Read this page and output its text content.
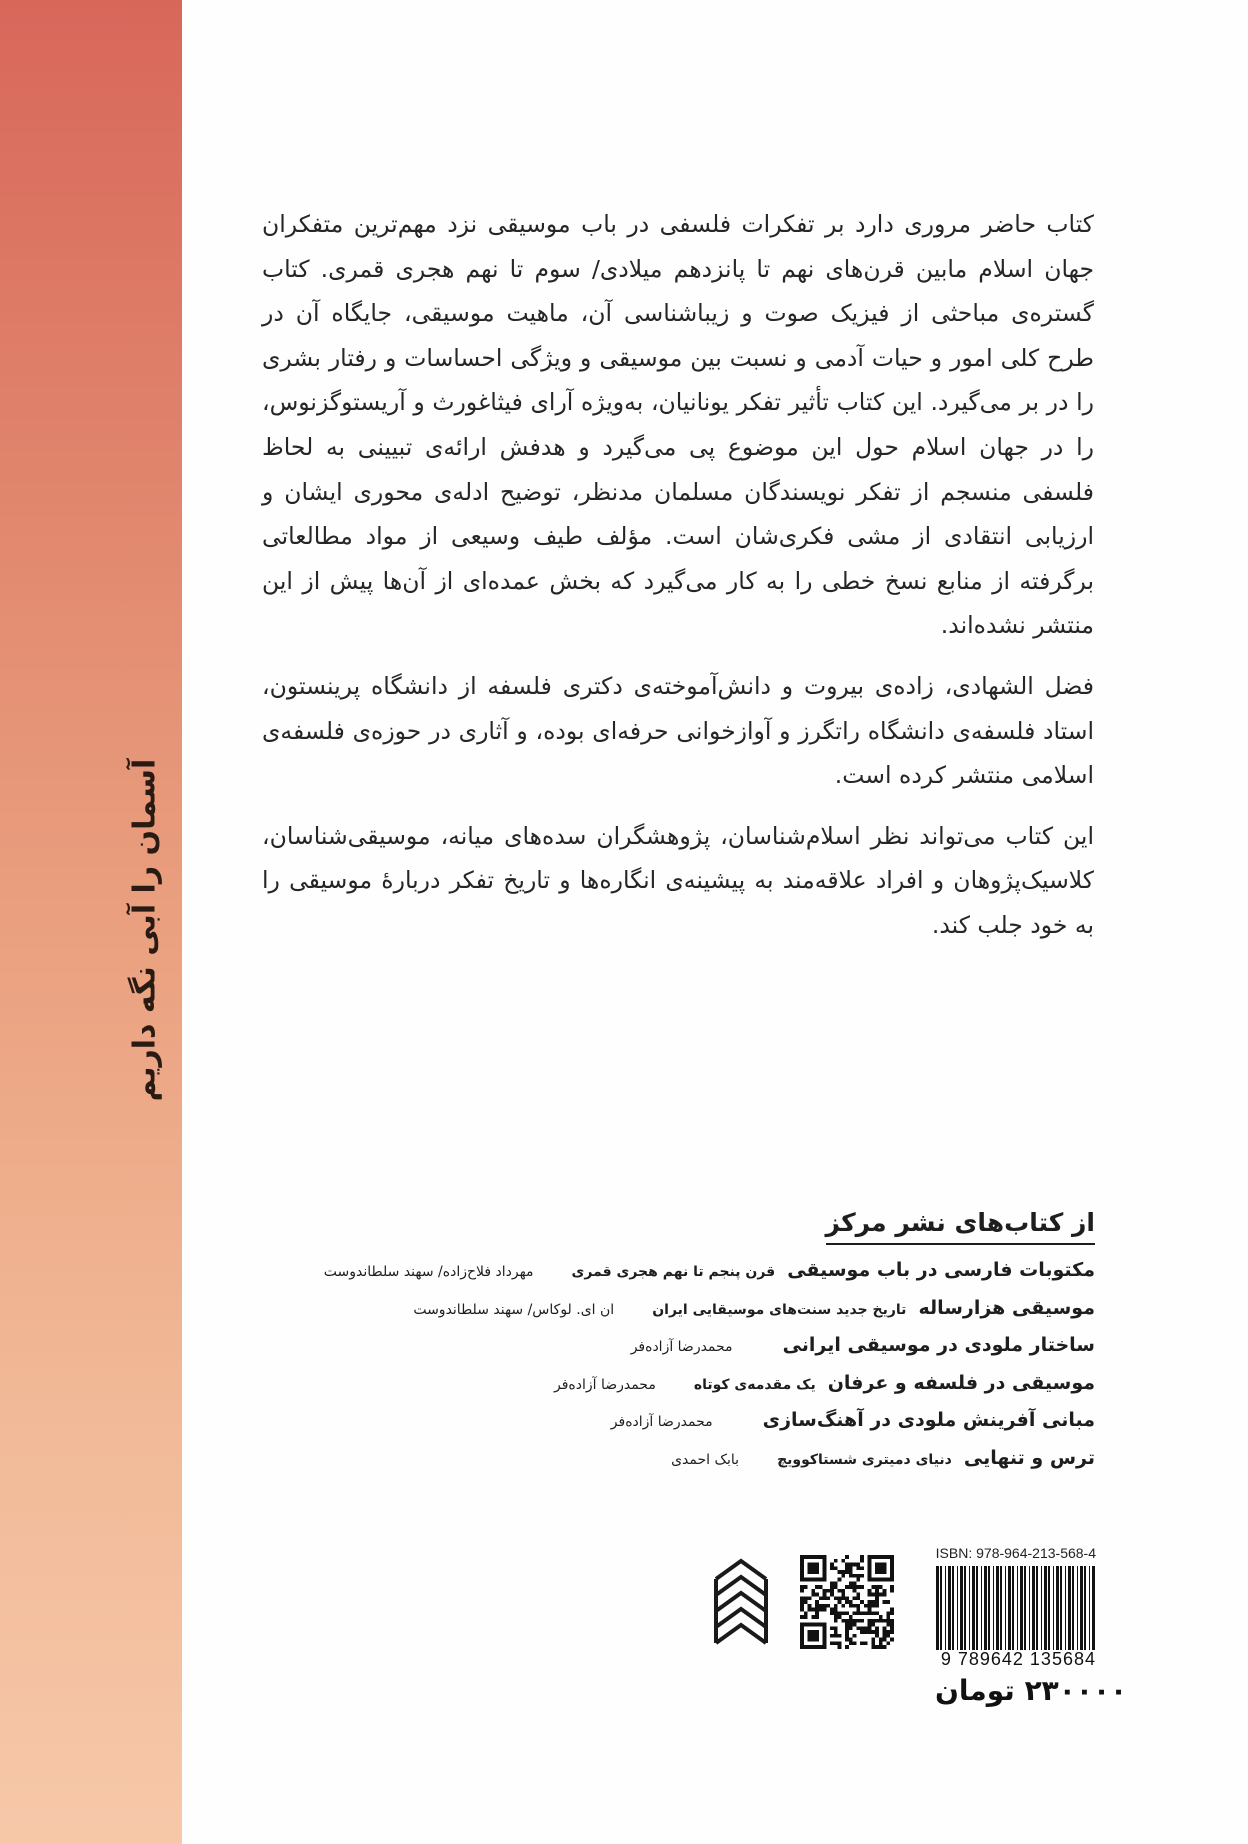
آسمان را آبی نگه داریم

کتاب حاضر مروری دارد بر تفکرات فلسفی در باب موسیقی نزد مهم‌ترین متفکران جهان اسلام مابین قرن‌های نهم تا پانزدهم میلادی/ سوم تا نهم هجری قمری. کتاب گستره‌ی مباحثی از فیزیک صوت و زیباشناسی آن، ماهیت موسیقی، جایگاه آن در طرح کلی امور و حیات آدمی و نسبت بین موسیقی و ویژگی احساسات و رفتار بشری را در بر می‌گیرد. این کتاب تأثیر تفکر یونانیان، به‌ویژه آرای فیثاغورث و آریستوگزنوس، را در جهان اسلام حول این موضوع پی می‌گیرد و هدفش ارائه‌ی تبیینی به لحاظ فلسفی منسجم از تفکر نویسندگان مسلمان مدنظر، توضیح ادله‌ی محوری ایشان و ارزیابی انتقادی از مشی فکری‌شان است. مؤلف طیف وسیعی از مواد مطالعاتی برگرفته از منابع نسخ خطی را به کار می‌گیرد که بخش عمده‌ای از آن‌ها پیش از این منتشر نشده‌اند.

فضل الشهادی، زاده‌ی بیروت و دانش‌آموخته‌ی دکتری فلسفه از دانشگاه پرینستون، استاد فلسفه‌ی دانشگاه راتگرز و آوازخوانی حرفه‌ای بوده، و آثاری در حوزه‌ی فلسفه‌ی اسلامی منتشر کرده است.

این کتاب می‌تواند نظر اسلام‌شناسان، پژوهشگران سده‌های میانه، موسیقی‌شناسان، کلاسیک‌پژوهان و افراد علاقه‌مند به پیشینه‌ی انگاره‌ها و تاریخ تفکر دربارهٔ موسیقی را به خود جلب کند.

از کتاب‌های نشر مرکز
مکتوبات فارسی در باب موسیقی
قرن پنجم تا نهم هجری قمری
مهرداد فلاح‌زاده/ سهند سلطاندوست
موسیقی هزارساله
تاریخ جدید سنت‌های موسیقایی ایران
ان ای. لوکاس/ سهند سلطاندوست
ساختار ملودی در موسیقی ایرانی
محمدرضا آزاده‌فر
موسیقی در فلسفه و عرفان
یک مقدمه‌ی کوتاه
محمدرضا آزاده‌فر
مبانی آفرینش ملودی در آهنگ‌سازی
محمدرضا آزاده‌فر
ترس و تنهایی
دنیای دمیتری شستاکوویچ
بابک احمدی
ISBN: 978-964-213-568-4
9 789642 135684
۲۳۰۰۰۰ تومان
